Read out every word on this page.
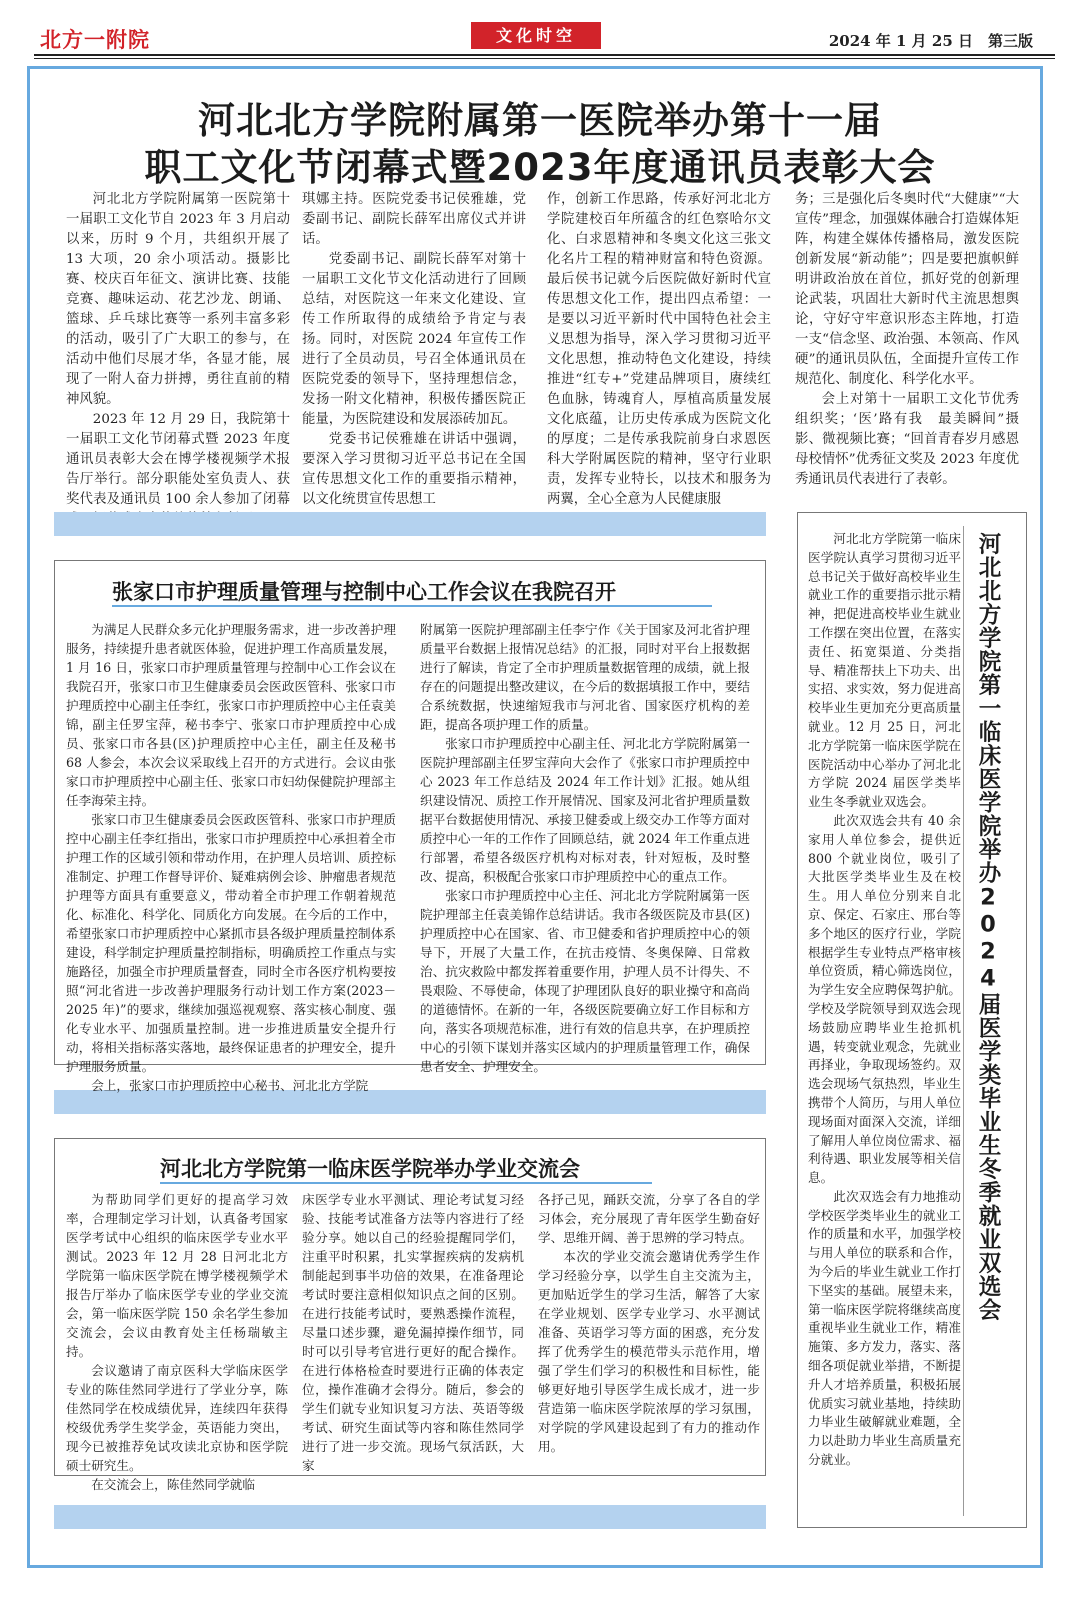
北方一附院	文化时空	2024 年 1 月 25 日　第三版
河北北方学院附属第一医院举办第十一届
职工文化节闭幕式暨2023年度通讯员表彰大会
河北北方学院附属第一医院第十一届职工文化节自 2023 年 3 月启动以来，历时 9 个月，共组织开展了 13 大项，20 余小项活动。摄影比赛、校庆百年征文、演讲比赛、技能竞赛、趣味运动、花艺沙龙、朗诵、篮球、乒乓球比赛等一系列丰富多彩的活动，吸引了广大职工的参与，在活动中他们尽展才华，各显才能，展现了一附人奋力拼搏，勇往直前的精神风貌。
2023 年 12 月 29 日，我院第十一届职工文化节闭幕式暨 2023 年度通讯员表彰大会在博学楼视频学术报告厅举行。部分职能处室负责人、获奖代表及通讯员 100 余人参加了闭幕
琪娜主持。医院党委书记侯雅雄，党委副书记、副院长薛军出席仪式并讲话。
党委副书记、副院长薛军对第十一届职工文化节文化活动进行了回顾总结，对医院这一年来文化建设、宣传工作所取得的成绩给予肯定与表扬。同时，对医院 2024 年宣传工作进行了全员动员，号召全体通讯员在医院党委的领导下，坚持理想信念，发扬一附文化精神，积极传播医院正能量，为医院建设和发展添砖加瓦。
党委书记侯雅雄在讲话中强调，要深入学习贯彻习近平总书记在全国宣传思想文化工作的重要指示精神，以文化统贯宣传思想工
作，创新工作思路，传承好河北北方学院建校百年所蕴含的红色察哈尔文化、白求恩精神和冬奥文化这三张文化名片工程的精神财富和特色资源。最后侯书记就今后医院做好新时代宣传思想文化工作，提出四点希望：一是要以习近平新时代中国特色社会主义思想为指导，深入学习贯彻习近平文化思想，推动特色文化建设，持续推进“红专+”党建品牌项目，赓续红色血脉，铸魂育人，厚植高质量发展文化底蕴，让历史传承成为医院文化的厚度；二是传承我院前身白求恩医科大学附属医院的精神，坚守行业职责，发挥专业特长，以技术和服务为两翼，全心全意为人民健康服
务；三是强化后冬奥时代“大健康”“大宣传”理念，加强媒体融合打造媒体矩阵，构建全媒体传播格局，激发医院创新发展“新动能”；四是要把旗帜鲜明讲政治放在首位，抓好党的创新理论武装，巩固壮大新时代主流思想舆论，守好守牢意识形态主阵地，打造一支“信念坚、政治强、本领高、作风硬”的通讯员队伍，全面提升宣传工作规范化、制度化、科学化水平。
会上对第十一届职工文化节优秀组织奖；‘医’路有我　最美瞬间”摄影、微视频比赛；“回首青春岁月感恩母校情怀”优秀征文奖及 2023 年度优秀通讯员代表进行了表彰。
张家口市护理质量管理与控制中心工作会议在我院召开
为满足人民群众多元化护理服务需求，进一步改善护理服务，持续提升患者就医体验，促进护理工作高质量发展，1 月 16 日，张家口市护理质量管理与控制中心工作会议在我院召开，张家口市卫生健康委员会医政医管科、张家口市护理质控中心副主任李红，张家口市护理质控中心主任袁美锦，副主任罗宝萍，秘书李宁、张家口市护理质控中心成员、张家口市各县(区)护理质控中心主任，副主任及秘书 68 人参会，本次会议采取线上召开的方式进行。会议由张家口市护理质控中心副主任、张家口市妇幼保健院护理部主任李海荣主持。
张家口市卫生健康委员会医政医管科、张家口市护理质控中心副主任李红指出，张家口市护理质控中心承担着全市护理工作的区域引领和带动作用，在护理人员培训、质控标准制定、护理工作督导评价、疑难病例会诊、肿瘤患者规范护理等方面具有重要意义，带动着全市护理工作朝着规范化、标准化、科学化、同质化方向发展。在今后的工作中，希望张家口市护理质控中心紧抓市县各级护理质量控制体系建设，科学制定护理质量控制指标，明确质控工作重点与实施路径，加强全市护理质量督查，同时全市各医疗机构要按照“河北省进一步改善护理服务行动计划工作方案(2023－2025 年)”的要求，继续加强巡视观察、落实核心制度、强化专业水平、加强质量控制。进一步推进质量安全提升行动，将相关指标落实落地，最终保证患者的护理安全，提升护理服务质量。
会上，张家口市护理质控中心秘书、河北北方学院
附属第一医院护理部副主任李宁作《关于国家及河北省护理质量平台数据上报情况总结》的汇报，同时对平台上报数据进行了解读，肯定了全市护理质量数据管理的成绩，就上报存在的问题提出整改建议，在今后的数据填报工作中，要结合系统数据，快速缩短我市与河北省、国家医疗机构的差距，提高各项护理工作的质量。
张家口市护理质控中心副主任、河北北方学院附属第一医院护理部副主任罗宝萍向大会作了《张家口市护理质控中心 2023 年工作总结及 2024 年工作计划》汇报。她从组织建设情况、质控工作开展情况、国家及河北省护理质量数据平台数据使用情况、承接卫健委或上级交办工作等方面对质控中心一年的工作作了回顾总结，就 2024 年工作重点进行部署，希望各级医疗机构对标对表，针对短板，及时整改、提高，积极配合张家口市护理质控中心的重点工作。
张家口市护理质控中心主任、河北北方学院附属第一医院护理部主任袁美锦作总结讲话。我市各级医院及市县(区)护理质控中心在国家、省、市卫健委和省护理质控中心的领导下，开展了大量工作，在抗击疫情、冬奥保障、日常救治、抗灾救险中都发挥着重要作用，护理人员不计得失、不畏艰险、不辱使命，体现了护理团队良好的职业操守和高尚的道德情怀。在新的一年，各级医院要确立好工作目标和方向，落实各项规范标准，进行有效的信息共享，在护理质控中心的引领下谋划并落实区域内的护理质量管理工作，确保患者安全、护理安全。
河北北方学院第一临床医学院举办学业交流会
为帮助同学们更好的提高学习效率，合理制定学习计划，认真备考国家医学考试中心组织的临床医学专业水平测试。2023 年 12 月 28 日河北北方学院第一临床医学院在博学楼视频学术报告厅举办了临床医学专业的学业交流会，第一临床医学院 150 余名学生参加交流会，会议由教育处主任杨瑞敏主持。
会议邀请了南京医科大学临床医学专业的陈佳然同学进行了学业分享，陈佳然同学在校成绩优异，连续四年获得校级优秀学生奖学金，英语能力突出，现今已被推荐免试攻读北京协和医学院硕士研究生。
在交流会上，陈佳然同学就临
床医学专业水平测试、理论考试复习经验、技能考试准备方法等内容进行了经验分享。她以自己的经验提醒同学们，注重平时积累，扎实掌握疾病的发病机制能起到事半功倍的效果，在准备理论考试时要注意相似知识点之间的区别。在进行技能考试时，要熟悉操作流程，尽量口述步骤，避免漏掉操作细节，同时可以引导考官进行更好的配合操作。在进行体格检查时要进行正确的体表定位，操作准确才会得分。随后，参会的学生们就专业知识复习方法、英语等级考试、研究生面试等内容和陈佳然同学进行了进一步交流。现场气氛活跃，大家
各抒己见，踊跃交流，分享了各自的学习体会，充分展现了青年医学生勤奋好学、思维开阔、善于思辨的学习特点。
本次的学业交流会邀请优秀学生作学习经验分享，以学生自主交流为主，更加贴近学生的学习生活，解答了大家在学业规划、医学专业学习、水平测试准备、英语学习等方面的困惑，充分发挥了优秀学生的模范带头示范作用，增强了学生们学习的积极性和目标性，能够更好地引导医学生成长成才，进一步营造第一临床医学院浓厚的学习氛围，对学院的学风建设起到了有力的推动作用。
河北北方学院第一临床医学院认真学习贯彻习近平总书记关于做好高校毕业生就业工作的重要指示批示精神，把促进高校毕业生就业工作摆在突出位置，在落实责任、拓宽渠道、分类指导、精准帮扶上下功夫、出实招、求实效，努力促进高校毕业生更加充分更高质量就业。12 月 25 日，河北北方学院第一临床医学院在医院活动中心举办了河北北方学院 2024 届医学类毕业生冬季就业双选会。
此次双选会共有 40 余家用人单位参会，提供近 800 个就业岗位，吸引了大批医学类毕业生及在校生。用人单位分别来自北京、保定、石家庄、邢台等多个地区的医疗行业，学院根据学生专业特点严格审核单位资质，精心筛选岗位，为学生安全应聘保驾护航。学校及学院领导到双选会现场鼓励应聘毕业生抢抓机遇，转变就业观念，先就业再择业，争取现场签约。双选会现场气氛热烈，毕业生携带个人简历，与用人单位现场面对面深入交流，详细了解用人单位岗位需求、福利待遇、职业发展等相关信息。
此次双选会有力地推动学校医学类毕业生的就业工作的质量和水平，加强学校与用人单位的联系和合作，为今后的毕业生就业工作打下坚实的基础。展望未来，第一临床医学院将继续高度重视毕业生就业工作，精准施策、多方发力，落实、落细各项促就业举措，不断提升人才培养质量，积极拓展优质实习就业基地，持续助力毕业生破解就业难题，全力以赴助力毕业生高质量充分就业。
河北北方学院第一临床医学院举办2024届医学类毕业生冬季就业双选会
